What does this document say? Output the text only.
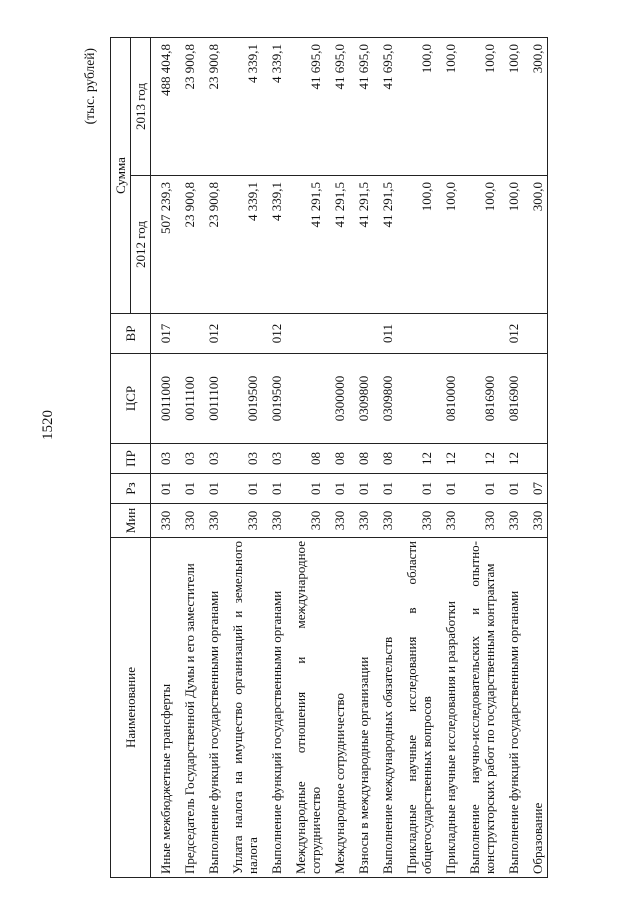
1520
(тыс. рублей)
Наименование	Мин	Рз	ПР	ЦСР	ВР	Сумма	
						2012 год	2013 год
Иные межбюджетные трансферты	330	01	03	0011000	017	507 239,3	488 404,8
Председатель Государственной Думы и его заместители	330	01	03	0011100		23 900,8	23 900,8
Выполнение функций государственными органами	330	01	03	0011100	012	23 900,8	23 900,8
Уплата налога на имущество организаций и земельного налога	330	01	03	0019500		4 339,1	4 339,1
Выполнение функций государственными органами	330	01	03	0019500	012	4 339,1	4 339,1
Международные отношения и международное сотрудничество	330	01	08			41 291,5	41 695,0
Международное сотрудничество	330	01	08	0300000		41 291,5	41 695,0
Взносы в международные организации	330	01	08	0309800		41 291,5	41 695,0
Выполнение международных обязательств	330	01	08	0309800	011	41 291,5	41 695,0
Прикладные научные исследования в области общегосударственных вопросов	330	01	12			100,0	100,0
Прикладные научные исследования и разработки	330	01	12	0810000		100,0	100,0
Выполнение научно-исследовательских и опытно-конструкторских работ по государственным контрактам	330	01	12	0816900		100,0	100,0
Выполнение функций государственными органами	330	01	12	0816900	012	100,0	100,0
Образование	330	07				300,0	300,0
